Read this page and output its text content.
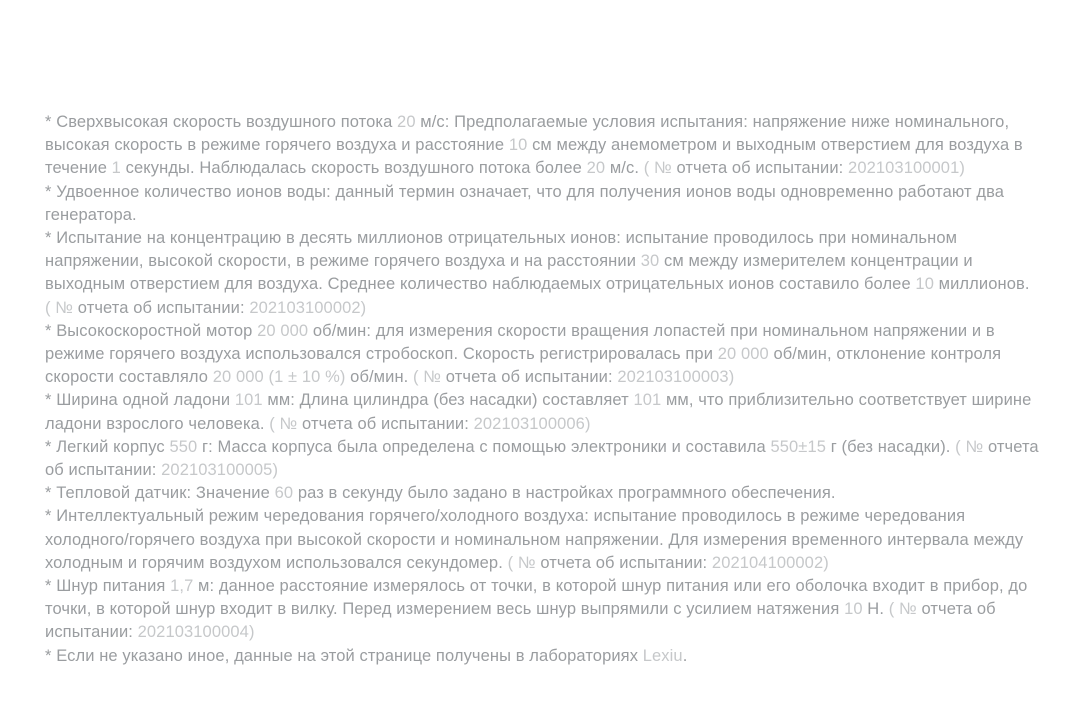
* Сверхвысокая скорость воздушного потока 20 м/с: Предполагаемые условия испытания: напряжение ниже номинального, высокая скорость в режиме горячего воздуха и расстояние 10 см между анемометром и выходным отверстием для воздуха в течение 1 секунды. Наблюдалась скорость воздушного потока более 20 м/с. ( № отчета об испытании: 202103100001)

* Удвоенное количество ионов воды: данный термин означает, что для получения ионов воды одновременно работают два генератора.

* Испытание на концентрацию в десять миллионов отрицательных ионов: испытание проводилось при номинальном напряжении, высокой скорости, в режиме горячего воздуха и на расстоянии 30 см между измерителем концентрации и выходным отверстием для воздуха. Среднее количество наблюдаемых отрицательных ионов составило более 10 миллионов. ( № отчета об испытании: 202103100002)

* Высокоскоростной мотор 20 000 об/мин: для измерения скорости вращения лопастей при номинальном напряжении и в режиме горячего воздуха использовался стробоскоп. Скорость регистрировалась при 20 000 об/мин, отклонение контроля скорости составляло 20 000 (1 ± 10 %) об/мин. ( № отчета об испытании: 202103100003)

* Ширина одной ладони 101 мм: Длина цилиндра (без насадки) составляет 101 мм, что приблизительно соответствует ширине ладони взрослого человека. ( № отчета об испытании: 202103100006)

* Легкий корпус 550 г: Масса корпуса была определена с помощью электроники и составила 550±15 г (без насадки). ( № отчета об испытании: 202103100005)

* Тепловой датчик: Значение 60 раз в секунду было задано в настройках программного обеспечения.

* Интеллектуальный режим чередования горячего/холодного воздуха: испытание проводилось в режиме чередования холодного/горячего воздуха при высокой скорости и номинальном напряжении. Для измерения временного интервала между холодным и горячим воздухом использовался секундомер. ( № отчета об испытании: 202104100002)

* Шнур питания 1,7 м: данное расстояние измерялось от точки, в которой шнур питания или его оболочка входит в прибор, до точки, в которой шнур входит в вилку. Перед измерением весь шнур выпрямили с усилием натяжения 10 Н. ( № отчета об испытании: 202103100004)

* Если не указано иное, данные на этой странице получены в лабораториях Lexiu.
